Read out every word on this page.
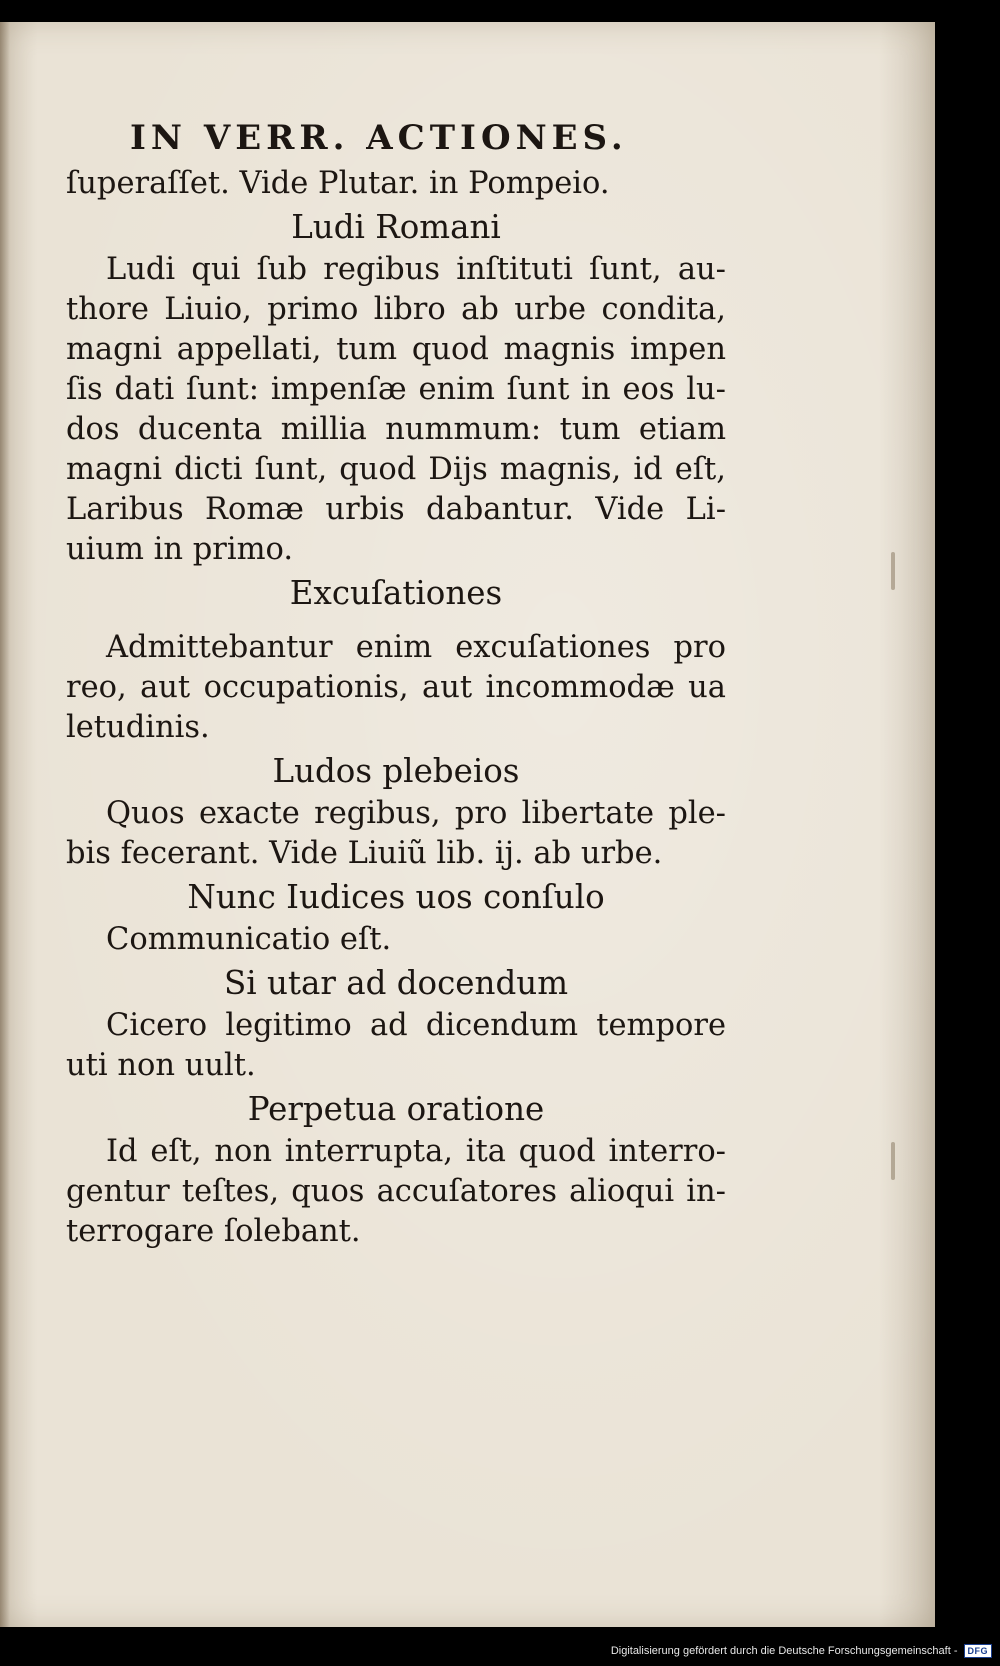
IN VERR. ACTIONES.
ſuperaſſet. Vide Plutar. in Pompeio.
Ludi Romani
Ludi qui ſub regibus inſtituti ſunt, au-
thore Liuio, primo libro ab urbe condita,
magni appellati, tum quod magnis impen
ſis dati ſunt: impenſæ enim ſunt in eos lu-
dos ducenta millia nummum: tum etiam
magni dicti ſunt, quod Dijs magnis, id eſt,
Laribus Romæ urbis dabantur. Vide Li-
uium in primo.
Excuſationes
Admittebantur enim excuſationes pro
reo, aut occupationis, aut incommodæ ua
letudinis.
Ludos plebeios
Quos exacte regibus, pro libertate ple-
bis fecerant. Vide Liuiũ lib. ij. ab urbe.
Nunc Iudices uos conſulo
Communicatio eſt.
Si utar ad docendum
Cicero legitimo ad dicendum tempore
uti non uult.
Perpetua oratione
Id eſt, non interrupta, ita quod interro-
gentur teſtes, quos accuſatores alioqui in-
terrogare ſolebant.
Digitalisierung gefördert durch die Deutsche Forschungsgemeinschaft -	DFG
